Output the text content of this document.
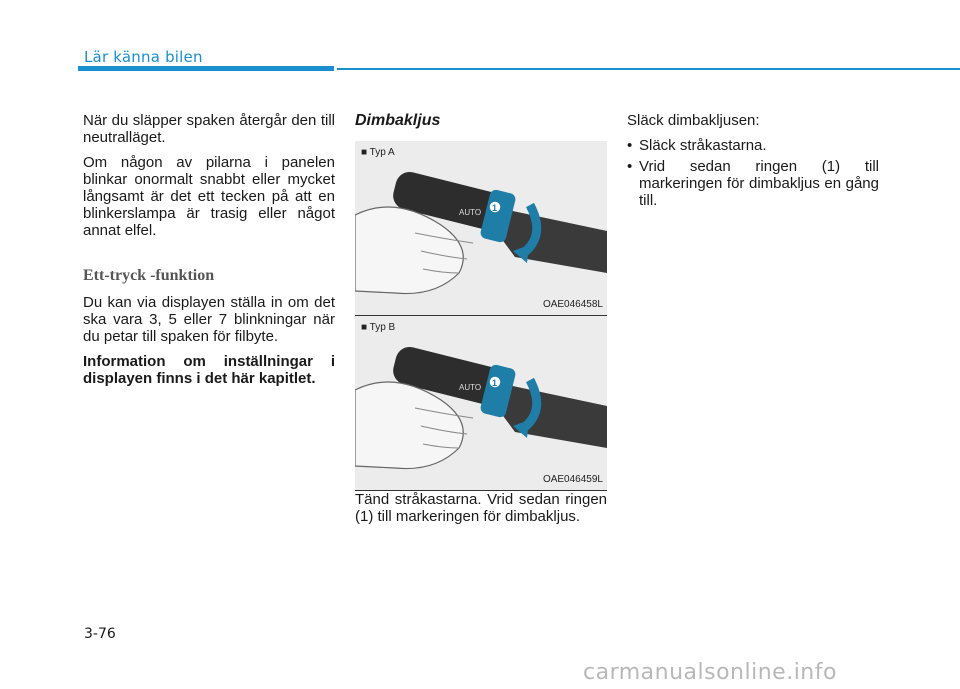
Lär känna bilen

När du släpper spaken återgår den till neutralläget.

Om någon av pilarna i panelen blinkar onormalt snabbt eller mycket långsamt är det ett tecken på att en blinkerslampa är trasig eller något annat elfel.

Ett-tryck -funktion

Du kan via displayen ställa in om det ska vara 3, 5 eller 7 blinkningar när du petar till spaken för filbyte.

Information om inställningar i displayen finns i det här kapitlet.

Dimbakljus
■ Typ A
AUTO 1
OAE046458L
■ Typ B
AUTO 1
OAE046459L

Tänd stråkastarna. Vrid sedan ringen (1) till markeringen för dimbakljus.

Släck dimbakljusen:

• Släck stråkastarna.
• Vrid sedan ringen (1) till markeringen för dimbakljus en gång till.
3-76
carmanualsonline.info
